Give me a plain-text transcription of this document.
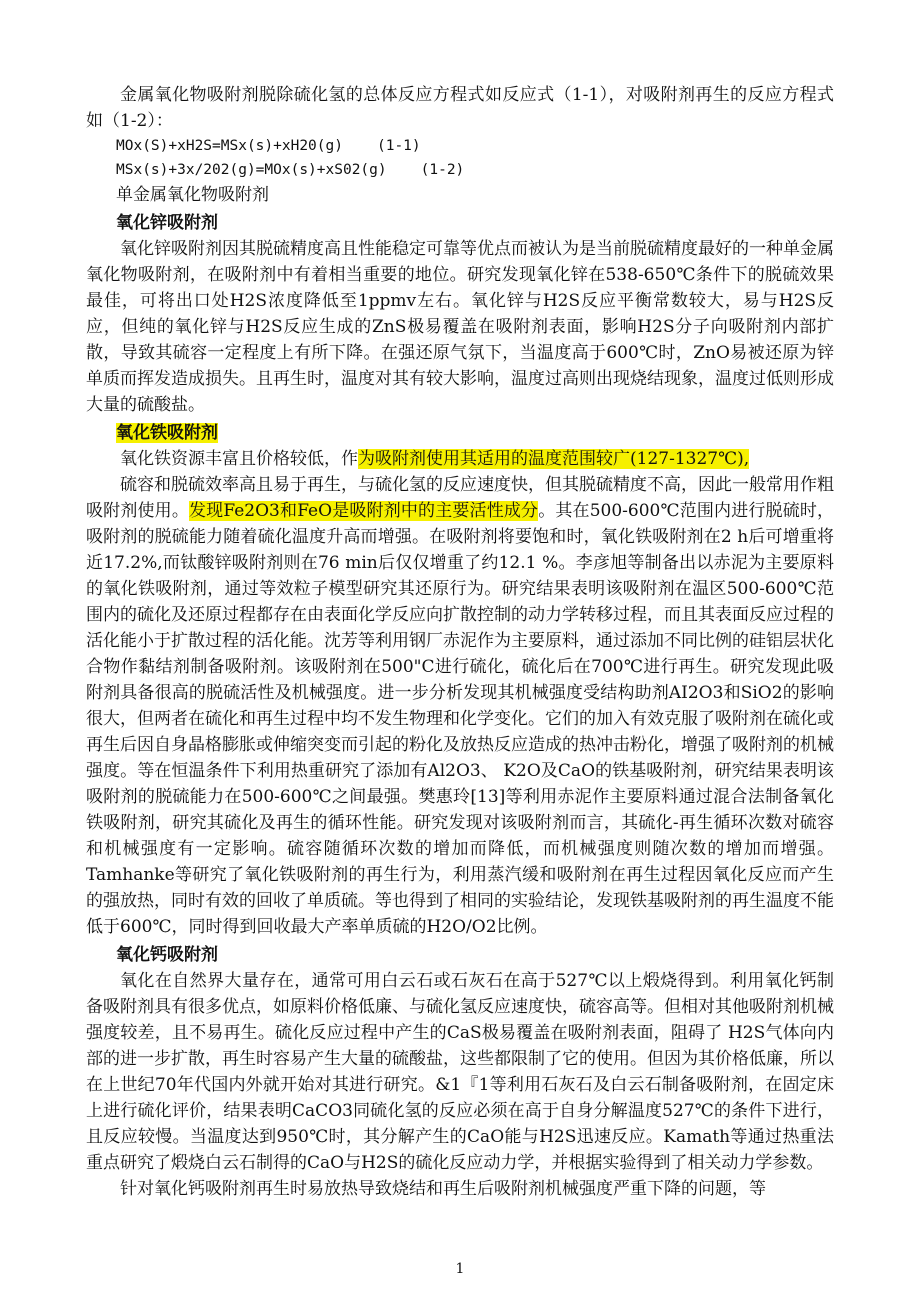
金属氧化物吸附剂脱除硫化氢的总体反应方程式如反应式（1-1），对吸附剂再生的反应方程式如（1-2）：

MOx(S)+xH2S=MSx(s)+xH20(g) (1-1)

MSx(s)+3x/202(g)=MOx(s)+xS02(g) (1-2)

单金属氧化物吸附剂

氧化锌吸附剂

氧化锌吸附剂因其脱硫精度高且性能稳定可靠等优点而被认为是当前脱硫精度最好的一种单金属氧化物吸附剂，在吸附剂中有着相当重要的地位。研究发现氧化锌在538-650℃条件下的脱硫效果最佳，可将出口处H2S浓度降低至1ppmv左右。氧化锌与H2S反应平衡常数较大，易与H2S反应，但纯的氧化锌与H2S反应生成的ZnS极易覆盖在吸附剂表面，影响H2S分子向吸附剂内部扩散，导致其硫容一定程度上有所下降。在强还原气氛下，当温度高于600℃时，ZnO易被还原为锌单质而挥发造成损失。且再生时，温度对其有较大影响，温度过高则出现烧结现象，温度过低则形成大量的硫酸盐。

氧化铁吸附剂

氧化铁资源丰富且价格较低，作为吸附剂使用其适用的温度范围较广(127-1327℃),

硫容和脱硫效率高且易于再生，与硫化氢的反应速度快，但其脱硫精度不高，因此一般常用作粗吸附剂使用。发现Fe2O3和FeO是吸附剂中的主要活性成分。其在500-600℃范围内进行脱硫时，吸附剂的脱硫能力随着硫化温度升高而增强。在吸附剂将要饱和时，氧化铁吸附剂在2 h后可增重将近17.2%,而钛酸锌吸附剂则在76 min后仅仅增重了约12.1 %。李彦旭等制备出以赤泥为主要原料的氧化铁吸附剂，通过等效粒子模型研究其还原行为。研究结果表明该吸附剂在温区500-600℃范围内的硫化及还原过程都存在由表面化学反应向扩散控制的动力学转移过程，而且其表面反应过程的活化能小于扩散过程的活化能。沈芳等利用钢厂赤泥作为主要原料，通过添加不同比例的硅铝层状化合物作黏结剂制备吸附剂。该吸附剂在500"C进行硫化，硫化后在700℃进行再生。研究发现此吸附剂具备很高的脱硫活性及机械强度。进一步分析发现其机械强度受结构助剂AI2O3和SiO2的影响很大，但两者在硫化和再生过程中均不发生物理和化学变化。它们的加入有效克服了吸附剂在硫化或再生后因自身晶格膨胀或伸缩突变而引起的粉化及放热反应造成的热冲击粉化，增强了吸附剂的机械强度。等在恒温条件下利用热重研究了添加有Al2O3、 K2O及CaO的铁基吸附剂，研究结果表明该吸附剂的脱硫能力在500-600℃之间最强。樊惠玲[13]等利用赤泥作主要原料通过混合法制备氧化铁吸附剂，研究其硫化及再生的循环性能。研究发现对该吸附剂而言，其硫化-再生循环次数对硫容和机械强度有一定影响。硫容随循环次数的增加而降低，而机械强度则随次数的增加而增强。Tamhanke等研究了氧化铁吸附剂的再生行为，利用蒸汽缓和吸附剂在再生过程因氧化反应而产生的强放热，同时有效的回收了单质硫。等也得到了相同的实验结论，发现铁基吸附剂的再生温度不能低于600℃，同时得到回收最大产率单质硫的H2O/O2比例。

氧化钙吸附剂

氧化在自然界大量存在，通常可用白云石或石灰石在高于527℃以上煅烧得到。利用氧化钙制备吸附剂具有很多优点，如原料价格低廉、与硫化氢反应速度快，硫容高等。但相对其他吸附剂机械强度较差，且不易再生。硫化反应过程中产生的CaS极易覆盖在吸附剂表面，阻碍了 H2S气体向内部的进一步扩散，再生时容易产生大量的硫酸盐，这些都限制了它的使用。但因为其价格低廉，所以在上世纪70年代国内外就开始对其进行研究。&1『1等利用石灰石及白云石制备吸附剂，在固定床上进行硫化评价，结果表明CaCO3同硫化氢的反应必须在高于自身分解温度527℃的条件下进行，且反应较慢。当温度达到950℃时，其分解产生的CaO能与H2S迅速反应。Kamath等通过热重法重点研究了煅烧白云石制得的CaO与H2S的硫化反应动力学，并根据实验得到了相关动力学参数。

针对氧化钙吸附剂再生时易放热导致烧结和再生后吸附剂机械强度严重下降的问题，等

1
